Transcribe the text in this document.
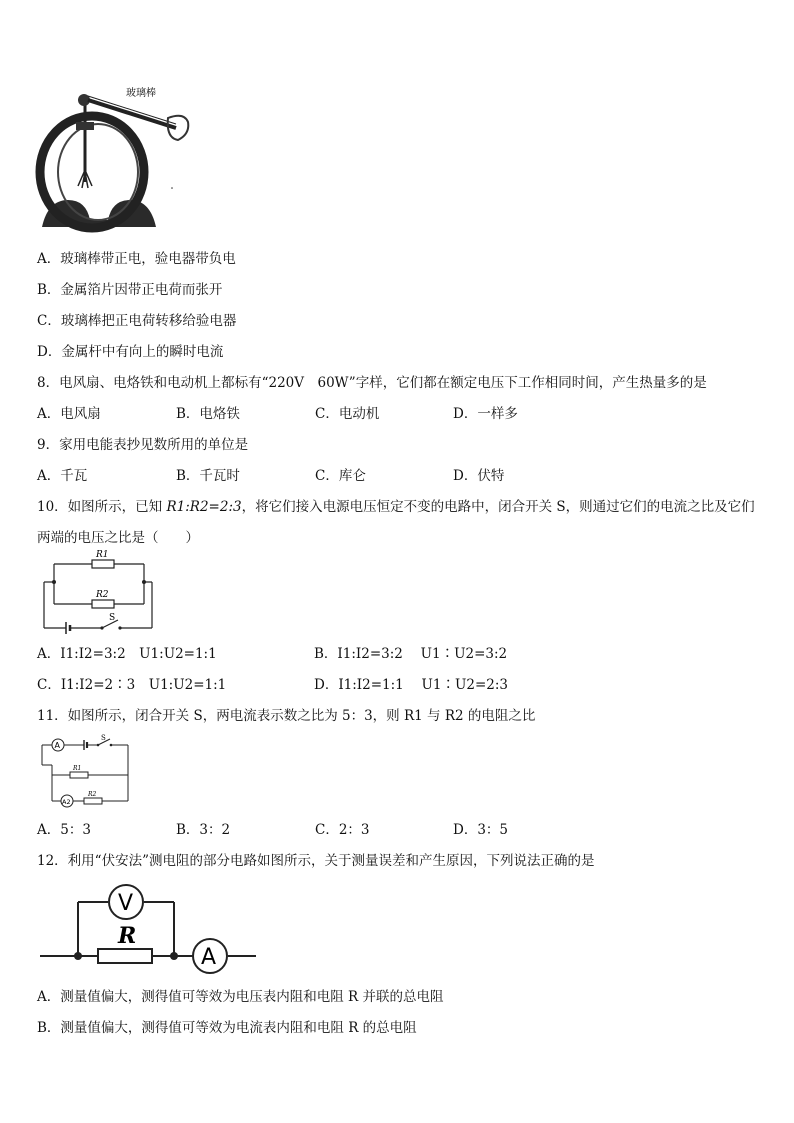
玻璃棒
A．玻璃棒带正电，验电器带负电
B．金属箔片因带正电荷而张开
C．玻璃棒把正电荷转移给验电器
D．金属杆中有向上的瞬时电流
8．电风扇、电烙铁和电动机上都标有“220V　60W”字样，它们都在额定电压下工作相同时间，产生热量多的是
A．电风扇	B．电烙铁	C．电动机	D．一样多
9．家用电能表抄见数所用的单位是
A．千瓦	B．千瓦时	C．库仑	D．伏特
10．如图所示，已知 R1:R2=2:3，将它们接入电源电压恒定不变的电路中，闭合开关 S，则通过它们的电流之比及它们
两端的电压之比是（　　）
R1
R2
S
A．I1:I2=3:2　U1:U2=1:1	B．I1:I2=3:2　 U1∶U2=3:2
C．I1:I2=2∶3　U1:U2=1:1	D．I1:I2=1:1　 U1∶U2=2:3
11．如图所示，闭合开关 S，两电流表示数之比为 5：3，则 R1 与 R2 的电阻之比
A
A2
S
R1
R2
A．5：3	B．3：2	C．2：3	D．3：5
12．利用“伏安法”测电阻的部分电路如图所示，关于测量误差和产生原因，下列说法正确的是
V
R
A
A．测量值偏大，测得值可等效为电压表内阻和电阻 R 并联的总电阻
B．测量值偏大，测得值可等效为电流表内阻和电阻 R 的总电阻
